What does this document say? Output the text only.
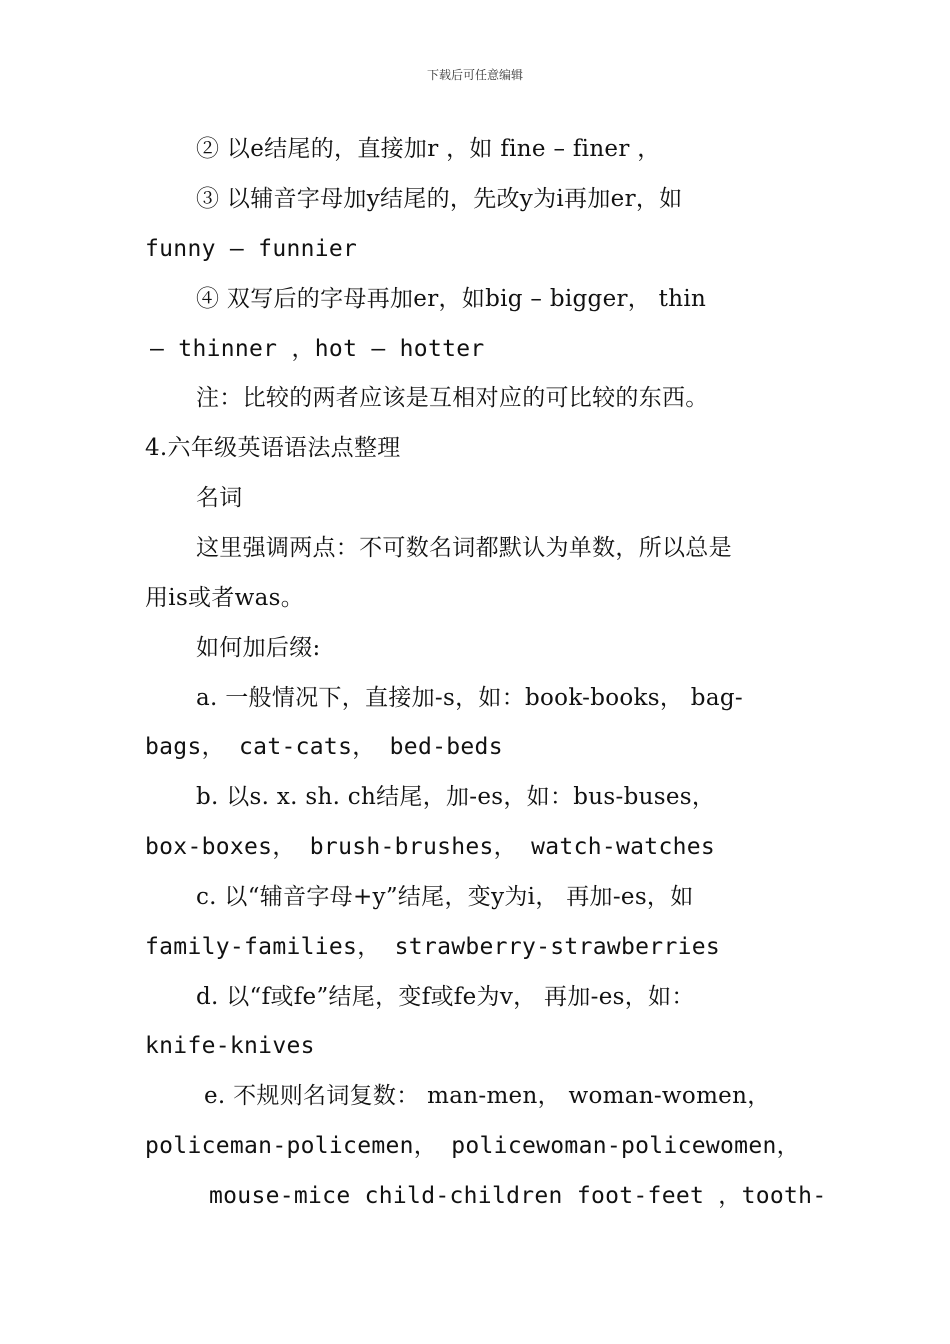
下载后可任意编辑
② 以e结尾的，直接加r ，如 fine – finer ，
③ 以辅音字母加y结尾的，先改y为i再加er，如
funny – funnier
④ 双写后的字母再加er，如big – bigger， thin
– thinner ，hot – hotter
注：比较的两者应该是互相对应的可比较的东西。
4.六年级英语语法点整理
名词
这里强调两点：不可数名词都默认为单数，所以总是
用is或者was。
如何加后缀:
a. 一般情况下，直接加-s，如：book-books， bag-
bags， cat-cats， bed-beds
b. 以s. x. sh. ch结尾，加-es，如：bus-buses，
box-boxes， brush-brushes， watch-watches
c. 以“辅音字母+y”结尾，变y为i， 再加-es，如
family-families， strawberry-strawberries
d. 以“f或fe”结尾，变f或fe为v， 再加-es，如：
knife-knives
e. 不规则名词复数： man-men， woman-women，
policeman-policemen， policewoman-policewomen，
mouse-mice child-children foot-feet ，tooth-
